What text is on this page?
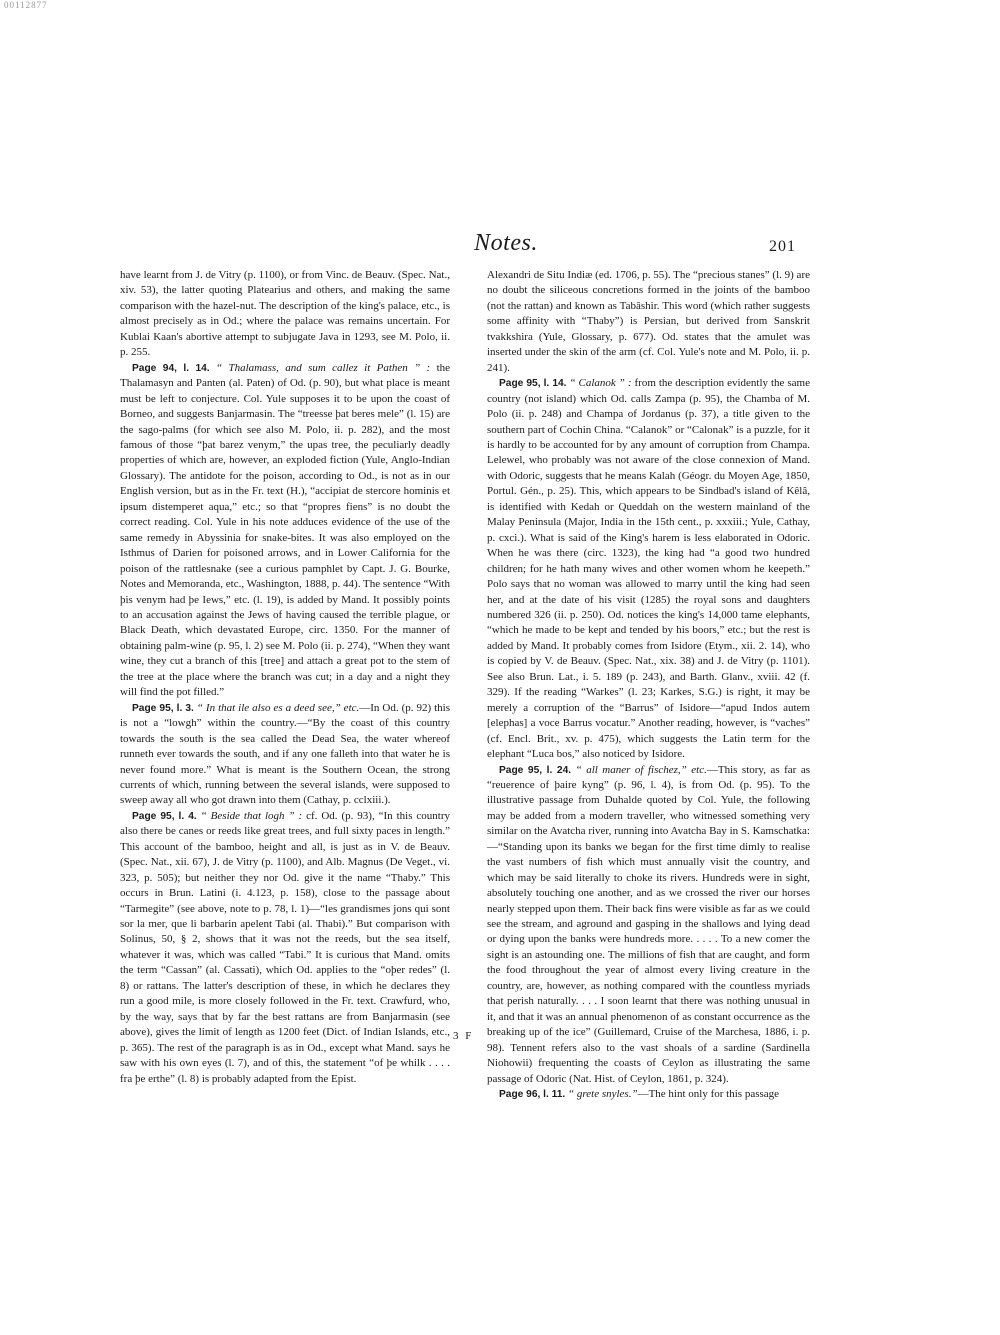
00112877
Notes.	201

have learnt from J. de Vitry (p. 1100), or from Vinc. de Beauv. (Spec. Nat., xiv. 53), the latter quoting Platearius and others, and making the same comparison with the hazel-nut. The description of the king's palace, etc., is almost precisely as in Od.; where the palace was remains uncertain. For Kublai Kaan's abortive attempt to subjugate Java in 1293, see M. Polo, ii. p. 255.

Page 94, l. 14. “ Thalamass, and sum callez it Pathen ” : the Thalamasyn and Panten (al. Paten) of Od. (p. 90), but what place is meant must be left to conjecture. Col. Yule supposes it to be upon the coast of Borneo, and suggests Banjarmasin. The “treesse þat beres mele” (l. 15) are the sago-palms (for which see also M. Polo, ii. p. 282), and the most famous of those “þat barez venym,” the upas tree, the peculiarly deadly properties of which are, however, an exploded fiction (Yule, Anglo-Indian Glossary). The antidote for the poison, according to Od., is not as in our English version, but as in the Fr. text (H.), “accipiat de stercore hominis et ipsum distemperet aqua,” etc.; so that “propres fiens” is no doubt the correct reading. Col. Yule in his note adduces evidence of the use of the same remedy in Abyssinia for snake-bites. It was also employed on the Isthmus of Darien for poisoned arrows, and in Lower California for the poison of the rattlesnake (see a curious pamphlet by Capt. J. G. Bourke, Notes and Memoranda, etc., Washington, 1888, p. 44). The sentence “With þis venym had þe Iews,” etc. (l. 19), is added by Mand. It possibly points to an accusation against the Jews of having caused the terrible plague, or Black Death, which devastated Europe, circ. 1350. For the manner of obtaining palm-wine (p. 95, l. 2) see M. Polo (ii. p. 274), “When they want wine, they cut a branch of this [tree] and attach a great pot to the stem of the tree at the place where the branch was cut; in a day and a night they will find the pot filled.”

Page 95, l. 3. “ In that ile also es a deed see,” etc.—In Od. (p. 92) this is not a “lowgh” within the country.—“By the coast of this country towards the south is the sea called the Dead Sea, the water whereof runneth ever towards the south, and if any one falleth into that water he is never found more.” What is meant is the Southern Ocean, the strong currents of which, running between the several islands, were supposed to sweep away all who got drawn into them (Cathay, p. cclxiii.).

Page 95, l. 4. “ Beside that logh ” : cf. Od. (p. 93), “In this country also there be canes or reeds like great trees, and full sixty paces in length.” This account of the bamboo, height and all, is just as in V. de Beauv. (Spec. Nat., xii. 67), J. de Vitry (p. 1100), and Alb. Magnus (De Veget., vi. 323, p. 505); but neither they nor Od. give it the name “Thaby.” This occurs in Brun. Latini (i. 4.123, p. 158), close to the passage about “Tarmegite” (see above, note to p. 78, l. 1)—“les grandismes jons qui sont sor la mer, que li barbarin apelent Tabi (al. Thabi).” But comparison with Solinus, 50, § 2, shows that it was not the reeds, but the sea itself, whatever it was, which was called “Tabi.” It is curious that Mand. omits the term “Cassan” (al. Cassati), which Od. applies to the “oþer redes” (l. 8) or rattans. The latter's description of these, in which he declares they run a good mile, is more closely followed in the Fr. text. Crawfurd, who, by the way, says that by far the best rattans are from Banjarmasin (see above), gives the limit of length as 1200 feet (Dict. of Indian Islands, etc., p. 365). The rest of the paragraph is as in Od., except what Mand. says he saw with his own eyes (l. 7), and of this, the statement “of þe whilk . . . . fra þe erthe” (l. 8) is probably adapted from the Epist.

Alexandri de Situ Indiæ (ed. 1706, p. 55). The “precious stanes” (l. 9) are no doubt the siliceous concretions formed in the joints of the bamboo (not the rattan) and known as Tabâshir. This word (which rather suggests some affinity with “Thaby”) is Persian, but derived from Sanskrit tvakkshira (Yule, Glossary, p. 677). Od. states that the amulet was inserted under the skin of the arm (cf. Col. Yule's note and M. Polo, ii. p. 241).

Page 95, l. 14. “ Calanok ” : from the description evidently the same country (not island) which Od. calls Zampa (p. 95), the Chamba of M. Polo (ii. p. 248) and Champa of Jordanus (p. 37), a title given to the southern part of Cochin China. “Calanok” or “Calonak” is a puzzle, for it is hardly to be accounted for by any amount of corruption from Champa. Lelewel, who probably was not aware of the close connexion of Mand. with Odoric, suggests that he means Kalah (Géogr. du Moyen Age, 1850, Portul. Gén., p. 25). This, which appears to be Sindbad's island of Kêlâ, is identified with Kedah or Queddah on the western mainland of the Malay Peninsula (Major, India in the 15th cent., p. xxxiii.; Yule, Cathay, p. cxci.). What is said of the King's harem is less elaborated in Odoric. When he was there (circ. 1323), the king had “a good two hundred children; for he hath many wives and other women whom he keepeth.” Polo says that no woman was allowed to marry until the king had seen her, and at the date of his visit (1285) the royal sons and daughters numbered 326 (ii. p. 250). Od. notices the king's 14,000 tame elephants, “which he made to be kept and tended by his boors,” etc.; but the rest is added by Mand. It probably comes from Isidore (Etym., xii. 2. 14), who is copied by V. de Beauv. (Spec. Nat., xix. 38) and J. de Vitry (p. 1101). See also Brun. Lat., i. 5. 189 (p. 243), and Barth. Glanv., xviii. 42 (f. 329). If the reading “Warkes” (l. 23; Karkes, S.G.) is right, it may be merely a corruption of the “Barrus” of Isidore—“apud Indos autem [elephas] a voce Barrus vocatur.” Another reading, however, is “vaches” (cf. Encl. Brit., xv. p. 475), which suggests the Latin term for the elephant “Luca bos,” also noticed by Isidore.

Page 95, l. 24. “ all maner of fischez,” etc.—This story, as far as “reuerence of þaire kyng” (p. 96, l. 4), is from Od. (p. 95). To the illustrative passage from Duhalde quoted by Col. Yule, the following may be added from a modern traveller, who witnessed something very similar on the Avatcha river, running into Avatcha Bay in S. Kamschatka:—“Standing upon its banks we began for the first time dimly to realise the vast numbers of fish which must annually visit the country, and which may be said literally to choke its rivers. Hundreds were in sight, absolutely touching one another, and as we crossed the river our horses nearly stepped upon them. Their back fins were visible as far as we could see the stream, and aground and gasping in the shallows and lying dead or dying upon the banks were hundreds more. . . . . To a new comer the sight is an astounding one. The millions of fish that are caught, and form the food throughout the year of almost every living creature in the country, are, however, as nothing compared with the countless myriads that perish naturally. . . . I soon learnt that there was nothing unusual in it, and that it was an annual phenomenon of as constant occurrence as the breaking up of the ice” (Guillemard, Cruise of the Marchesa, 1886, i. p. 98). Tennent refers also to the vast shoals of a sardine (Sardinella Niohowii) frequenting the coasts of Ceylon as illustrating the same passage of Odoric (Nat. Hist. of Ceylon, 1861, p. 324).

Page 96, l. 11. “ grete snyles.”—The hint only for this passage

3 F
